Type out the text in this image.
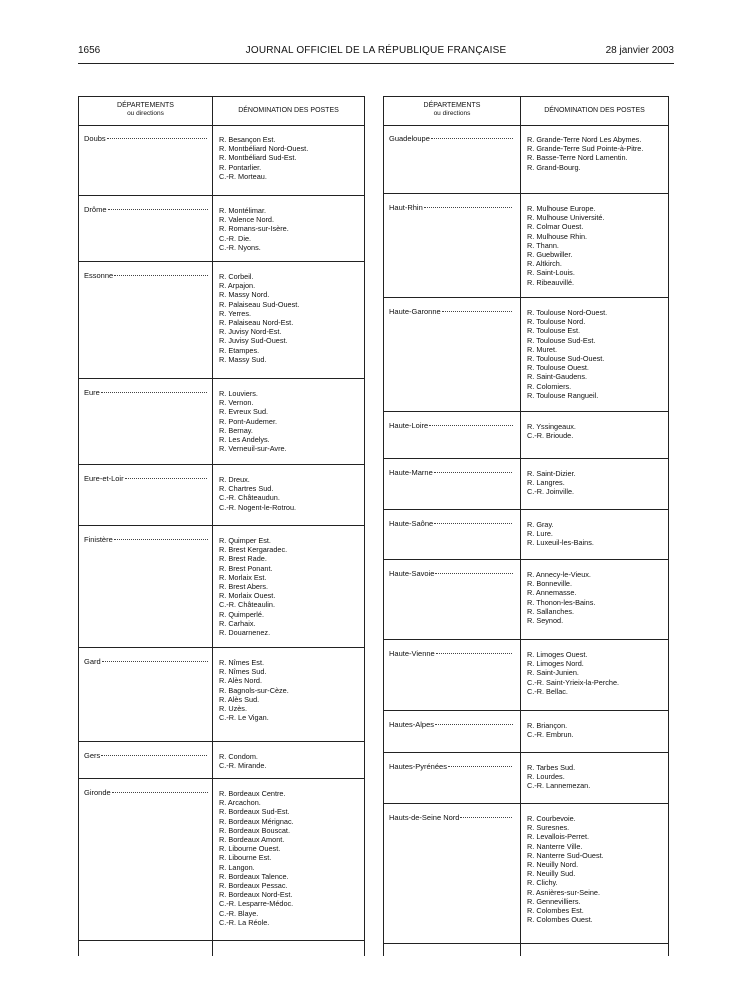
1656	JOURNAL OFFICIEL DE LA RÉPUBLIQUE FRANÇAISE	28 janvier 2003
DÉPARTEMENTS
ou directions	DÉNOMINATION DES POSTES
Doubs	R. Besançon Est.
R. Montbéliard Nord-Ouest.
R. Montbéliard Sud-Est.
R. Pontarlier.
C.-R. Morteau.
Drôme	R. Montélimar.
R. Valence Nord.
R. Romans-sur-Isère.
C.-R. Die.
C.-R. Nyons.
Essonne	R. Corbeil.
R. Arpajon.
R. Massy Nord.
R. Palaiseau Sud-Ouest.
R. Yerres.
R. Palaiseau Nord-Est.
R. Juvisy Nord-Est.
R. Juvisy Sud-Ouest.
R. Etampes.
R. Massy Sud.
Eure	R. Louviers.
R. Vernon.
R. Evreux Sud.
R. Pont-Audemer.
R. Bernay.
R. Les Andelys.
R. Verneuil-sur-Avre.
Eure-et-Loir	R. Dreux.
R. Chartres Sud.
C.-R. Châteaudun.
C.-R. Nogent-le-Rotrou.
Finistère	R. Quimper Est.
R. Brest Kergaradec.
R. Brest Rade.
R. Brest Ponant.
R. Morlaix Est.
R. Brest Abers.
R. Morlaix Ouest.
C.-R. Châteaulin.
R. Quimperlé.
R. Carhaix.
R. Douarnenez.
Gard	R. Nîmes Est.
R. Nîmes Sud.
R. Alès Nord.
R. Bagnols-sur-Cèze.
R. Alès Sud.
R. Uzès.
C.-R. Le Vigan.
Gers	R. Condom.
C.-R. Mirande.
Gironde	R. Bordeaux Centre.
R. Arcachon.
R. Bordeaux Sud-Est.
R. Bordeaux Mérignac.
R. Bordeaux Bouscat.
R. Bordeaux Amont.
R. Libourne Ouest.
R. Libourne Est.
R. Langon.
R. Bordeaux Talence.
R. Bordeaux Pessac.
R. Bordeaux Nord-Est.
C.-R. Lesparre-Médoc.
C.-R. Blaye.
C.-R. La Réole.
DÉPARTEMENTS
ou directions	DÉNOMINATION DES POSTES
Guadeloupe	R. Grande-Terre Nord Les Abymes.
R. Grande-Terre Sud Pointe-à-Pitre.
R. Basse-Terre Nord Lamentin.
R. Grand-Bourg.
Haut-Rhin	R. Mulhouse Europe.
R. Mulhouse Université.
R. Colmar Ouest.
R. Mulhouse Rhin.
R. Thann.
R. Guebwiller.
R. Altkirch.
R. Saint-Louis.
R. Ribeauvillé.
Haute-Garonne	R. Toulouse Nord-Ouest.
R. Toulouse Nord.
R. Toulouse Est.
R. Toulouse Sud-Est.
R. Muret.
R. Toulouse Sud-Ouest.
R. Toulouse Ouest.
R. Saint-Gaudens.
R. Colomiers.
R. Toulouse Rangueil.
Haute-Loire	R. Yssingeaux.
C.-R. Brioude.
Haute-Marne	R. Saint-Dizier.
R. Langres.
C.-R. Joinville.
Haute-Saône	R. Gray.
R. Lure.
R. Luxeuil-les-Bains.
Haute-Savoie	R. Annecy-le-Vieux.
R. Bonneville.
R. Annemasse.
R. Thonon-les-Bains.
R. Sallanches.
R. Seynod.
Haute-Vienne	R. Limoges Ouest.
R. Limoges Nord.
R. Saint-Junien.
C.-R. Saint-Yrieix-la-Perche.
C.-R. Bellac.
Hautes-Alpes	R. Briançon.
C.-R. Embrun.
Hautes-Pyrénées	R. Tarbes Sud.
R. Lourdes.
C.-R. Lannemezan.
Hauts-de-Seine Nord	R. Courbevoie.
R. Suresnes.
R. Levallois-Perret.
R. Nanterre Ville.
R. Nanterre Sud-Ouest.
R. Neuilly Nord.
R. Neuilly Sud.
R. Clichy.
R. Asnières-sur-Seine.
R. Gennevilliers.
R. Colombes Est.
R. Colombes Ouest.
